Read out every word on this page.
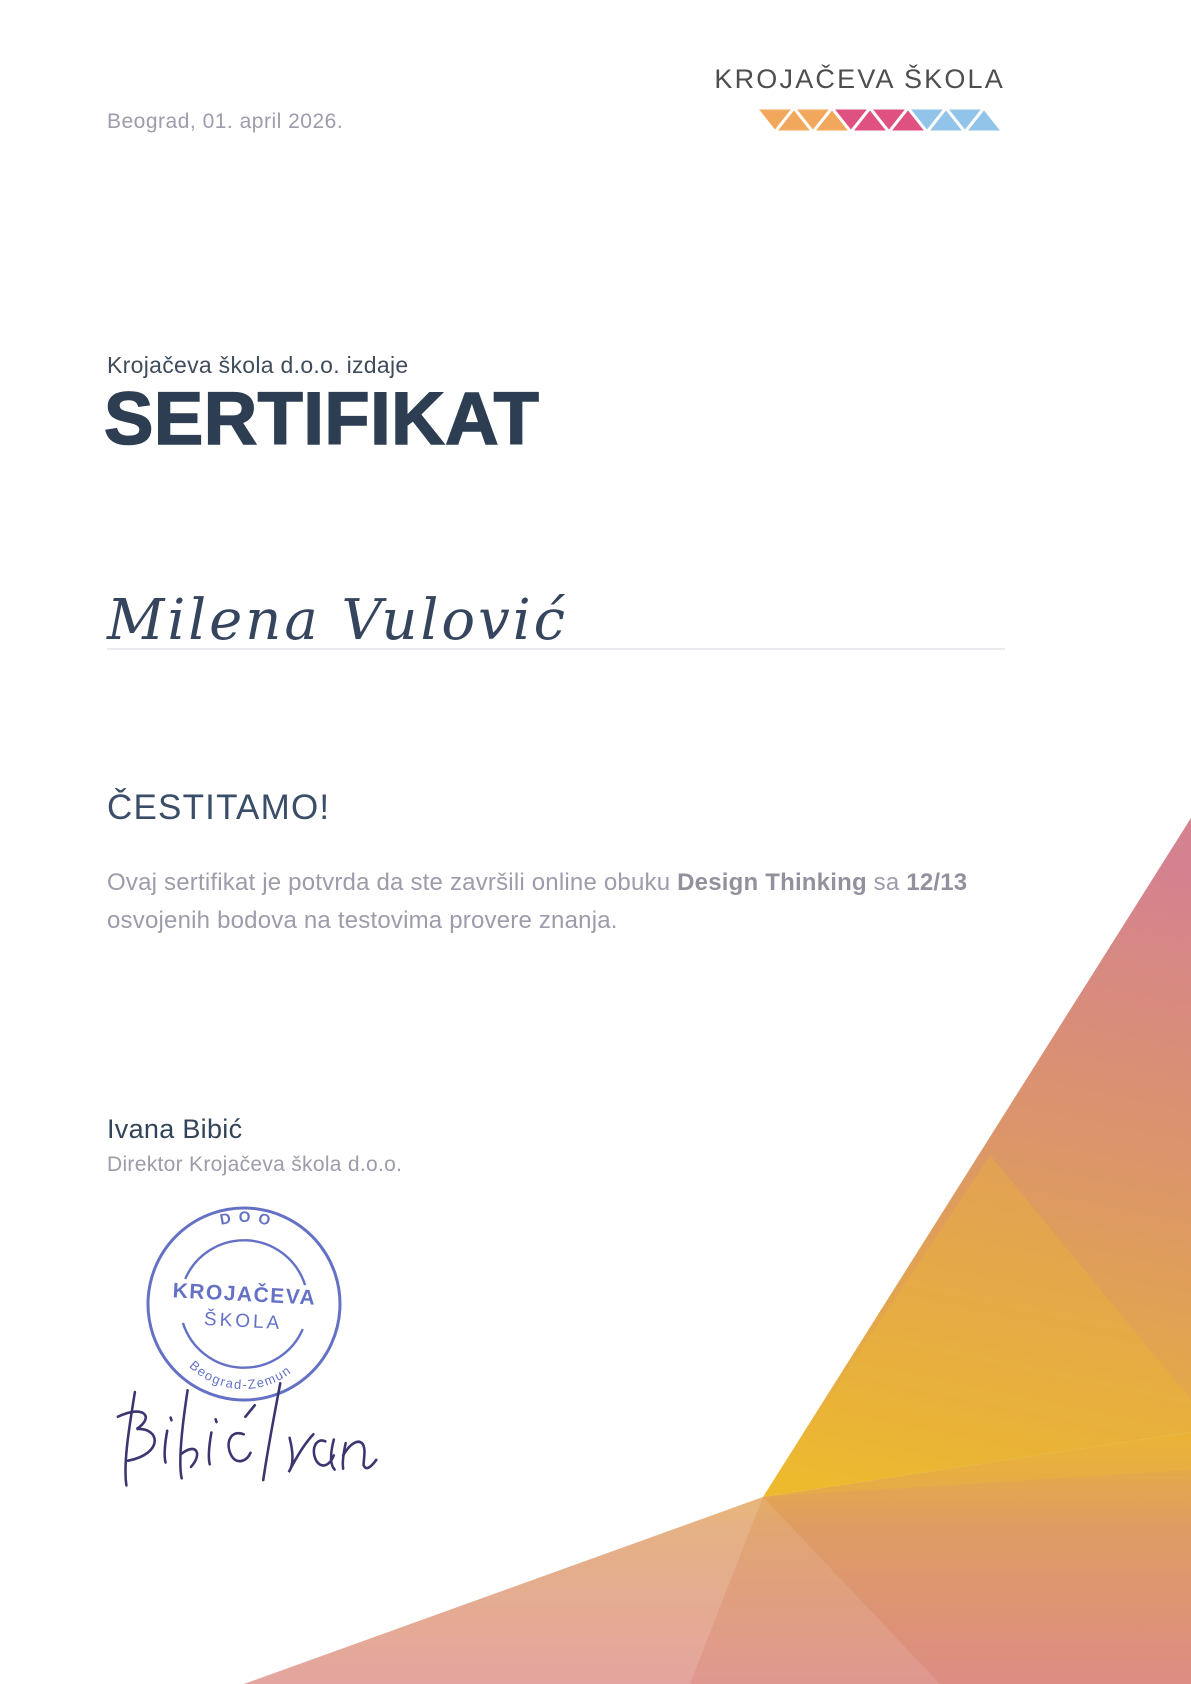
Beograd, 01. april 2026.
KROJAČEVA ŠKOLA
Krojačeva škola d.o.o. izdaje
SERTIFIKAT
Milena Vulović
ČESTITAMO!
Ovaj sertifikat je potvrda da ste završili online obuku Design Thinking sa 12/13 osvojenih bodova na testovima provere znanja.
Ivana Bibić
Direktor Krojačeva škola d.o.o.
DOO
KROJAČEVA
ŠKOLA
Beograd-Zemun
